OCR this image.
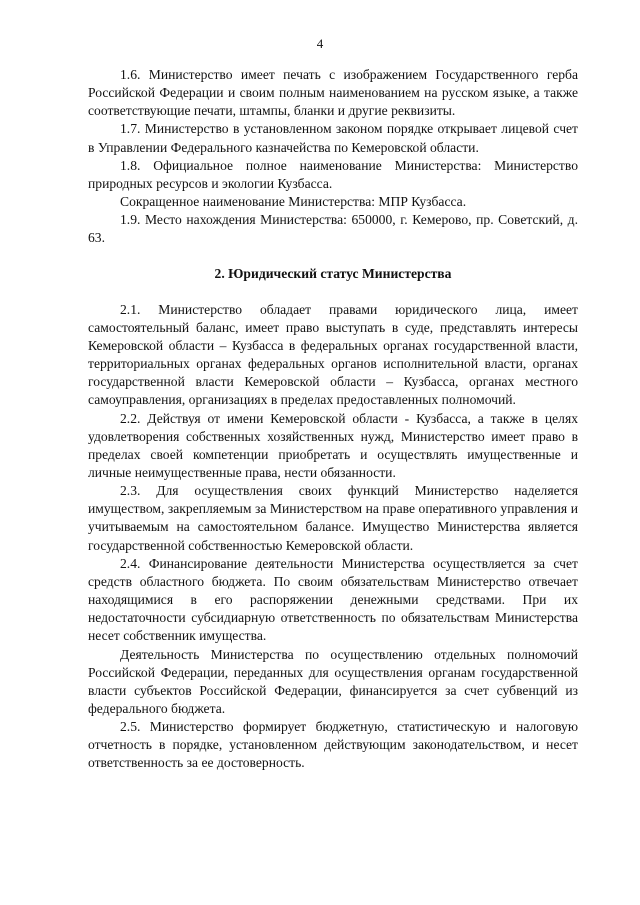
4

1.6. Министерство имеет печать с изображением Государственного герба Российской Федерации и своим полным наименованием на русском языке, а также соответствующие печати, штампы, бланки и другие реквизиты.

1.7. Министерство в установленном законом порядке открывает лицевой счет в Управлении Федерального казначейства по Кемеровской области.

1.8. Официальное полное наименование Министерства: Министерство природных ресурсов и экологии Кузбасса.

Сокращенное наименование Министерства: МПР Кузбасса.

1.9. Место нахождения Министерства: 650000, г. Кемерово, пр. Советский, д. 63.

2. Юридический статус Министерства

2.1. Министерство обладает правами юридического лица, имеет самостоятельный баланс, имеет право выступать в суде, представлять интересы Кемеровской области – Кузбасса в федеральных органах государственной власти, территориальных органах федеральных органов исполнительной власти, органах государственной власти Кемеровской области – Кузбасса, органах местного самоуправления, организациях в пределах предоставленных полномочий.

2.2. Действуя от имени Кемеровской области - Кузбасса, а также в целях удовлетворения собственных хозяйственных нужд, Министерство имеет право в пределах своей компетенции приобретать и осуществлять имущественные и личные неимущественные права, нести обязанности.

2.3. Для осуществления своих функций Министерство наделяется имуществом, закрепляемым за Министерством на праве оперативного управления и учитываемым на самостоятельном балансе. Имущество Министерства является государственной собственностью Кемеровской области.

2.4. Финансирование деятельности Министерства осуществляется за счет средств областного бюджета. По своим обязательствам Министерство отвечает находящимися в его распоряжении денежными средствами. При их недостаточности субсидиарную ответственность по обязательствам Министерства несет собственник имущества.

Деятельность Министерства по осуществлению отдельных полномочий Российской Федерации, переданных для осуществления органам государственной власти субъектов Российской Федерации, финансируется за счет субвенций из федерального бюджета.

2.5. Министерство формирует бюджетную, статистическую и налоговую отчетность в порядке, установленном действующим законодательством, и несет ответственность за ее достоверность.
